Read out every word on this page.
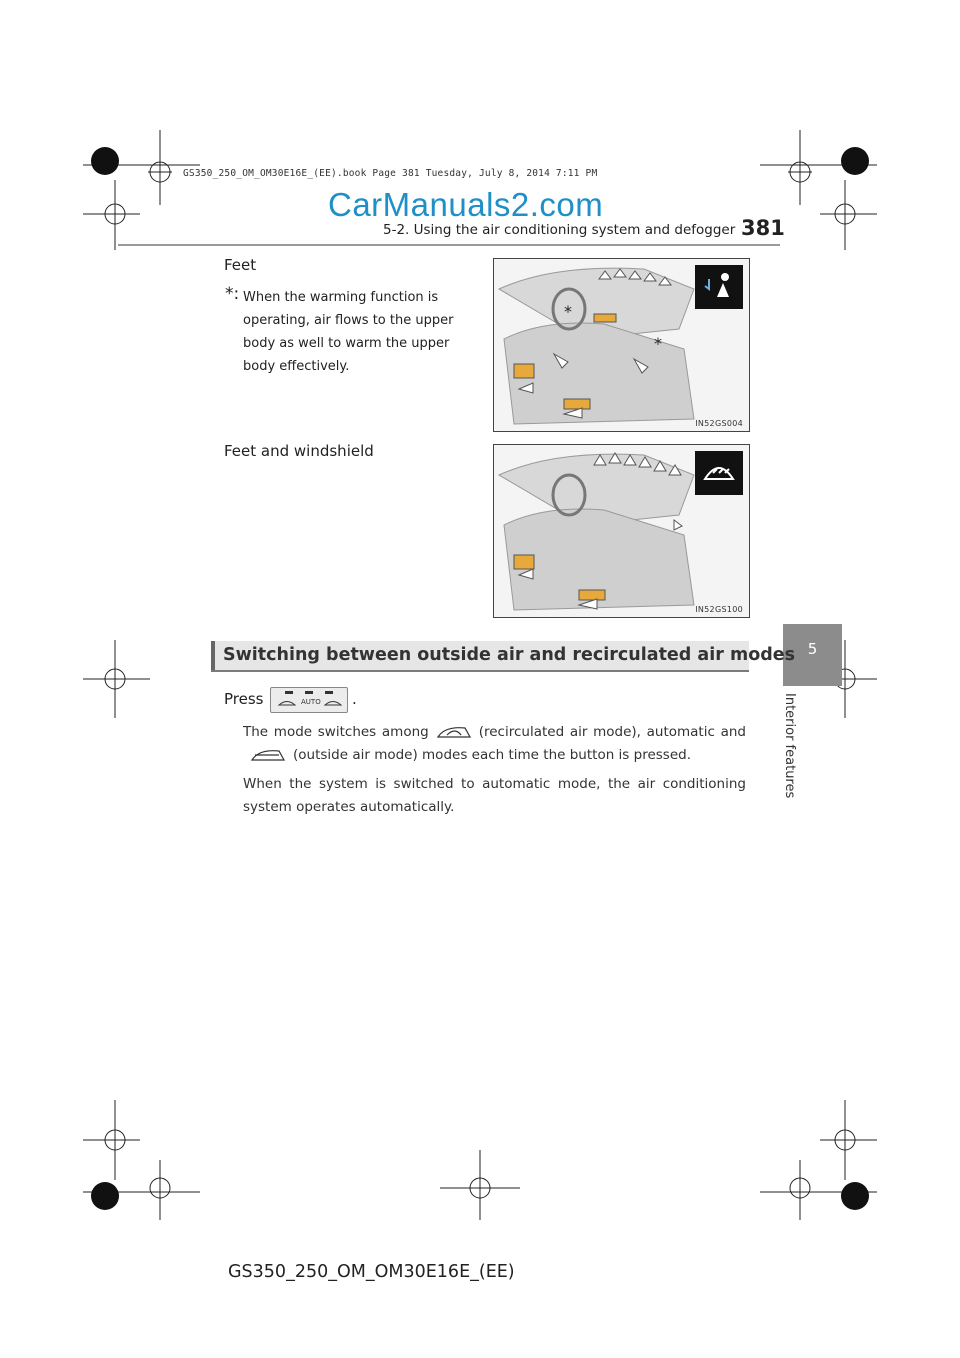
GS350_250_OM_OM30E16E_(EE).book Page 381 Tuesday, July 8, 2014 7:11 PM
CarManuals2.com
5-2. Using the air conditioning system and defogger 381
5
Interior features
Feet
*: When the warming function is operating, air flows to the upper body as well to warm the upper body effectively.
*
*
IN52GS004
Feet and windshield
IN52GS100
Switching between outside air and recirculated air modes
Press	AUTO .
The mode switches among	(recirculated air mode), automatic and(outside air mode) modes each time the button is pressed.
When the system is switched to automatic mode, the air conditioning system operates automatically.
GS350_250_OM_OM30E16E_(EE)
